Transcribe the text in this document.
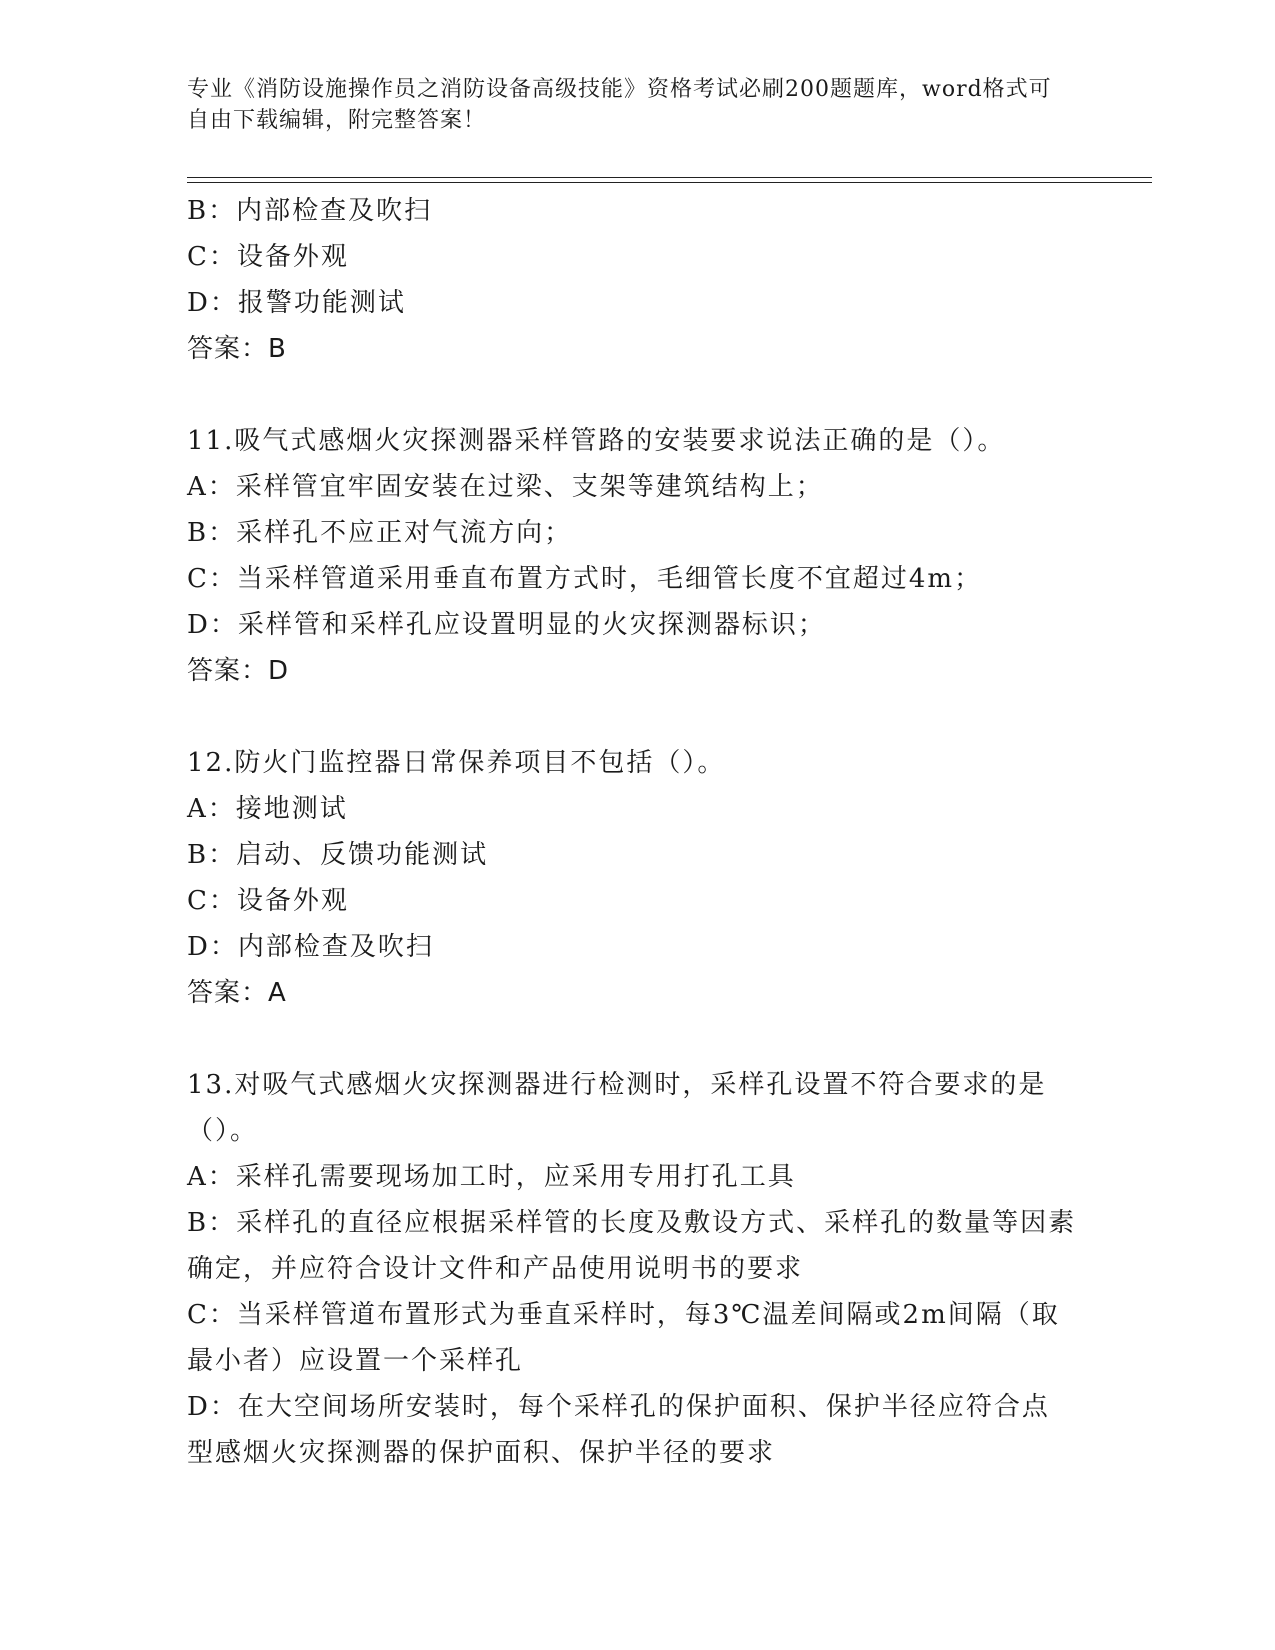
专业《消防设施操作员之消防设备高级技能》资格考试必刷200题题库，word格式可自由下载编辑，附完整答案！
B：内部检查及吹扫
C：设备外观
D：报警功能测试
答案：B
11.吸气式感烟火灾探测器采样管路的安装要求说法正确的是（）。
A：采样管宜牢固安装在过梁、支架等建筑结构上；
B：采样孔不应正对气流方向；
C：当采样管道采用垂直布置方式时，毛细管长度不宜超过4m；
D：采样管和采样孔应设置明显的火灾探测器标识；
答案：D
12.防火门监控器日常保养项目不包括（）。
A：接地测试
B：启动、反馈功能测试
C：设备外观
D：内部检查及吹扫
答案：A
13.对吸气式感烟火灾探测器进行检测时，采样孔设置不符合要求的是（）。
A：采样孔需要现场加工时，应采用专用打孔工具
B：采样孔的直径应根据采样管的长度及敷设方式、采样孔的数量等因素确定，并应符合设计文件和产品使用说明书的要求
C：当采样管道布置形式为垂直采样时，每3℃温差间隔或2m间隔（取最小者）应设置一个采样孔
D：在大空间场所安装时，每个采样孔的保护面积、保护半径应符合点型感烟火灾探测器的保护面积、保护半径的要求
